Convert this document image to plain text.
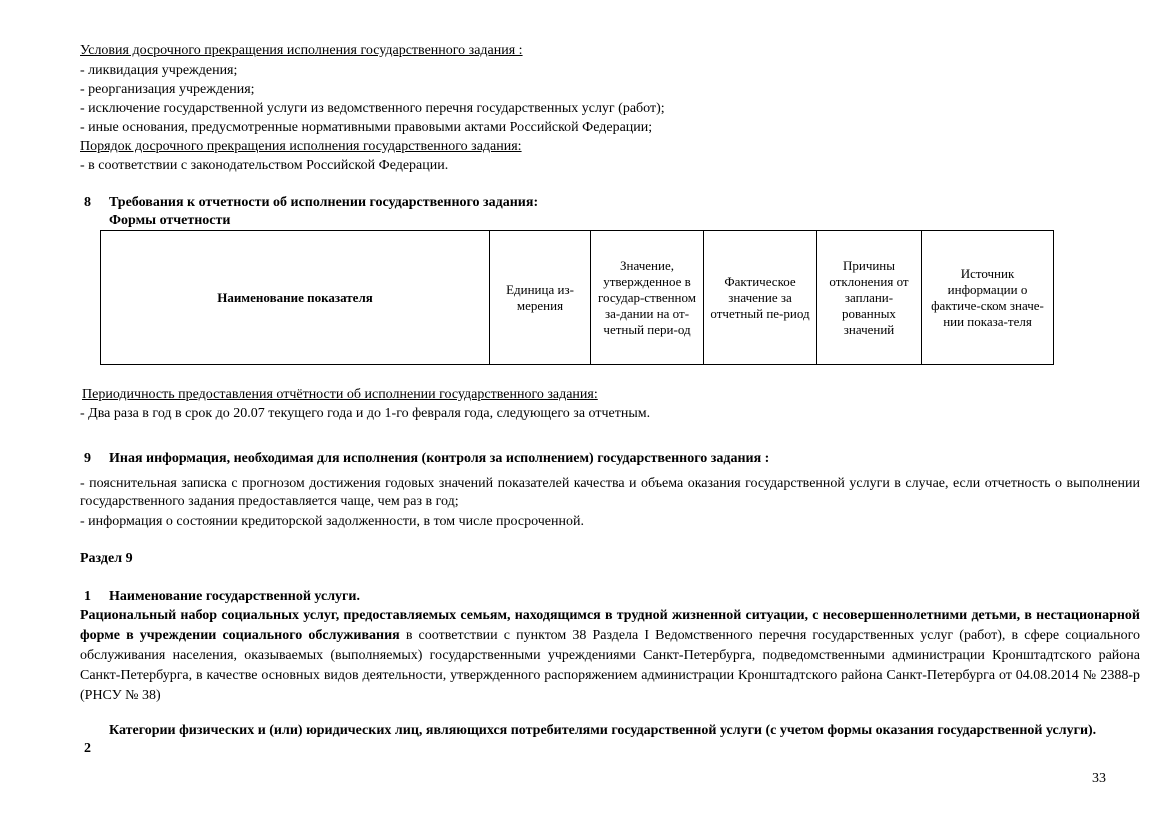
Условия досрочного прекращения исполнения государственного задания :
- ликвидация учреждения;
- реорганизация учреждения;
- исключение государственной услуги из ведомственного перечня государственных услуг (работ);
- иные основания, предусмотренные нормативными правовыми актами Российской Федерации;
Порядок досрочного прекращения исполнения государственного задания:
- в соответствии с законодательством Российской Федерации.
8 Требования к отчетности об исполнении государственного задания:
Формы отчетности
Наименование показателя	Единица из-мерения	Значение, утвержденное в государ-ственном за-дании на от-четный пери-од	Фактическое значение за отчетный пе-риод	Причины отклонения от заплани-рованных значений	Источник информации о фактиче-ском значе-нии показа-теля
Периодичность предоставления отчётности об исполнении государственного задания:
- Два раза в год в срок до 20.07 текущего года и до 1-го февраля года, следующего за отчетным.
9 Иная информация, необходимая для исполнения (контроля за исполнением) государственного задания :
- пояснительная записка с прогнозом достижения годовых значений показателей качества и объема оказания государственной услуги в случае, если отчетность о выполнении государственного задания предоставляется чаще, чем раз в год;
- информация о состоянии кредиторской задолженности, в том числе просроченной.
Раздел 9
1 Наименование государственной услуги.
Рациональный набор социальных услуг, предоставляемых семьям, находящимся в трудной жизненной ситуации, с несовершеннолетними детьми, в нестационарной форме в учреждении социального обслуживания в соответствии с пунктом 38 Раздела I Ведомственного перечня государственных услуг (работ), в сфере социального обслуживания населения, оказываемых (выполняемых) государственными учреждениями Санкт-Петербурга, подведомственными администрации Кронштадтского района Санкт-Петербурга, в качестве основных видов деятельности, утвержденного распоряжением администрации Кронштадтского района Санкт-Петербурга от 04.08.2014 № 2388-р (РНСУ № 38)
Категории физических и (или) юридических лиц, являющихся потребителями государственной услуги (с учетом формы оказания государственной услуги).
2
33
